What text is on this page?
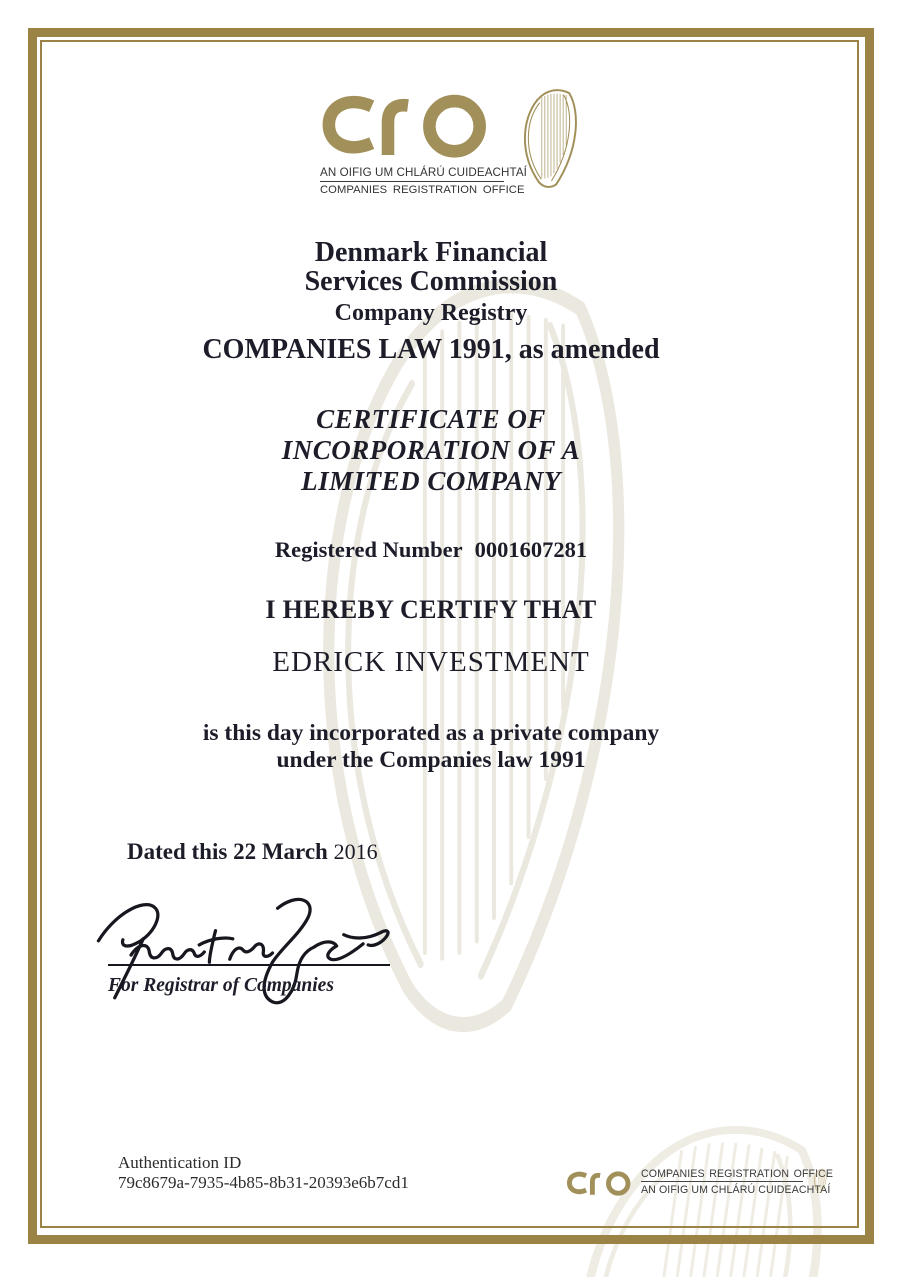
AN OIFIG UM CHLÁRÚ CUIDEACHTAÍ
COMPANIES REGISTRATION OFFICE
Denmark Financial
Services Commission
Company Registry
COMPANIES LAW 1991, as amended
CERTIFICATE OF
INCORPORATION OF A
LIMITED COMPANY
Registered Number 0001607281
I HEREBY CERTIFY THAT
EDRICK INVESTMENT
is this day incorporated as a private company
under the Companies law 1991
Dated this 22 March 2016
For Registrar of Companies
Authentication ID
79c8679a-7935-4b85-8b31-20393e6b7cd1	COMPANIES REGISTRATION OFFICE
AN OIFIG UM CHLÁRÚ CUIDEACHTAÍ
